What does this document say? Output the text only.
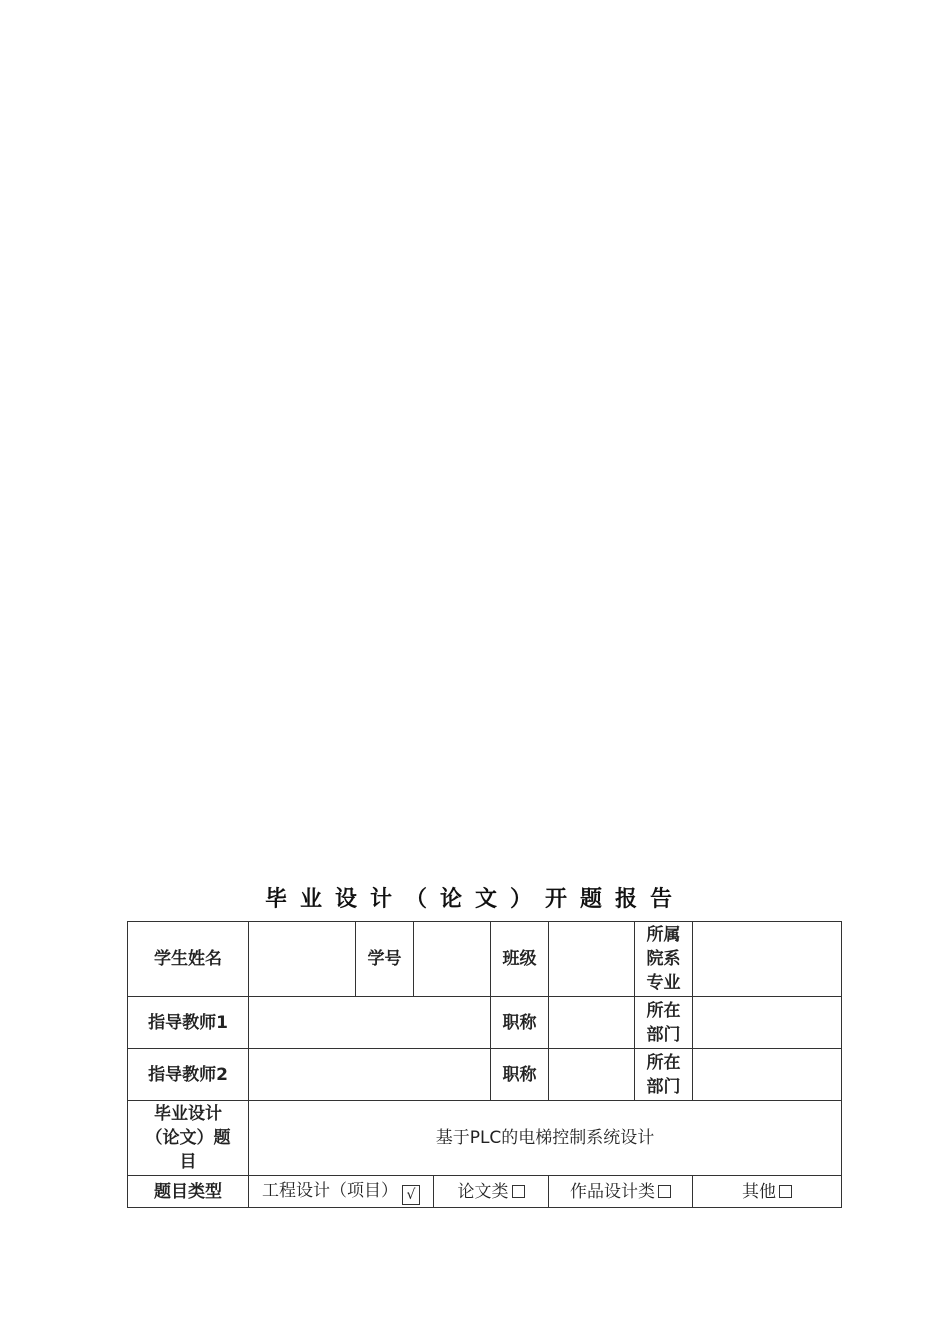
毕业设计（论文）开题报告
学生姓名		学号			班级		所属院系专业	
指导教师1					职称		所在部门	
指导教师2					职称		所在部门	
毕业设计（论文）题目	基于PLC的电梯控制系统设计							
题目类型	工程设计（项目） √			论文类		作品设计类		其他
